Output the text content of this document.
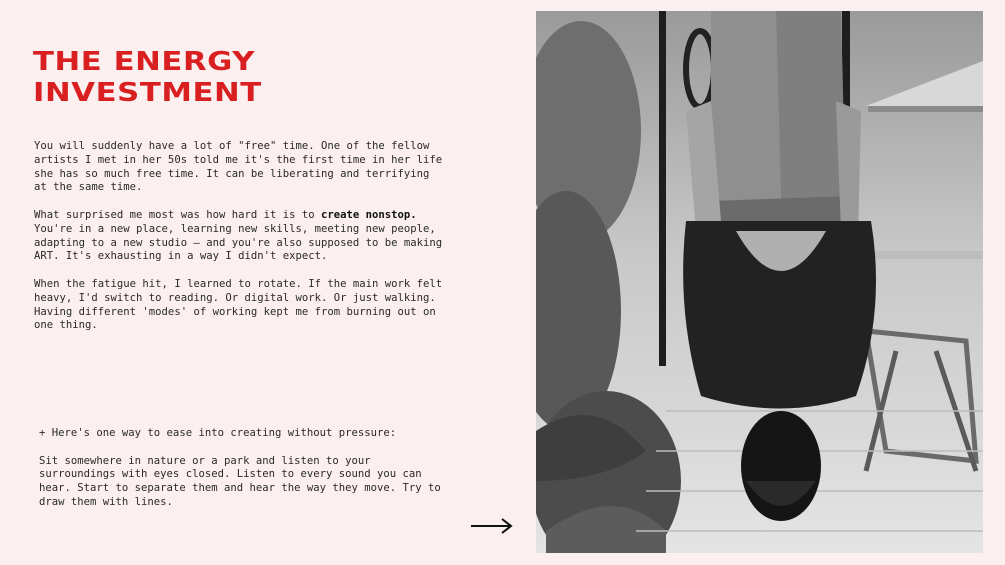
THE ENERGY
INVESTMENT

You will suddenly have a lot of "free" time. One of the fellow artists I met in her 50s told me it's the first time in her life she has so much free time. It can be liberating and terrifying at the same time.

What surprised me most was how hard it is to create nonstop. You're in a new place, learning new skills, meeting new people, adapting to a new studio – and you're also supposed to be making ART. It's exhausting in a way I didn't expect.

When the fatigue hit, I learned to rotate. If the main work felt heavy, I'd switch to reading. Or digital work. Or just walking. Having different 'modes' of working kept me from burning out on one thing.

+ Here's one way to ease into creating without pressure:

Sit somewhere in nature or a park and listen to your surroundings with eyes closed. Listen to every sound you can hear. Start to separate them and hear the way they move. Try to draw them with lines.
